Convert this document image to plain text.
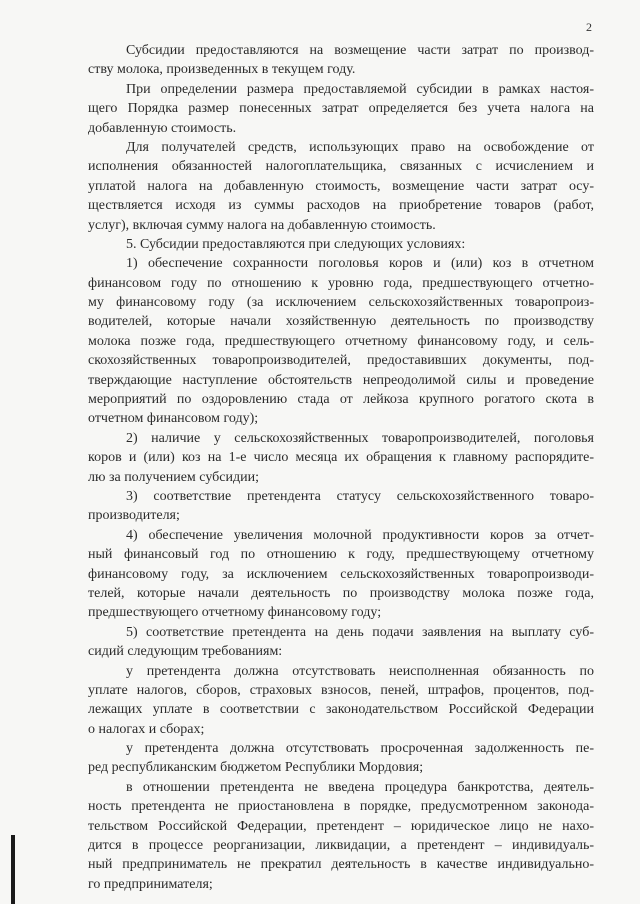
2
Субсидии предоставляются на возмещение части затрат по производ-
ству молока, произведенных в текущем году.
При определении размера предоставляемой субсидии в рамках настоя-
щего Порядка размер понесенных затрат определяется без учета налога на
добавленную стоимость.
Для получателей средств, использующих право на освобождение от
исполнения обязанностей налогоплательщика, связанных с исчислением и
уплатой налога на добавленную стоимость, возмещение части затрат осу-
ществляется исходя из суммы расходов на приобретение товаров (работ,
услуг), включая сумму налога на добавленную стоимость.
5. Субсидии предоставляются при следующих условиях:
1) обеспечение сохранности поголовья коров и (или) коз в отчетном
финансовом году по отношению к уровню года, предшествующего отчетно-
му финансовому году (за исключением сельскохозяйственных товаропроиз-
водителей, которые начали хозяйственную деятельность по производству
молока позже года, предшествующего отчетному финансовому году, и сель-
скохозяйственных товаропроизводителей, предоставивших документы, под-
тверждающие наступление обстоятельств непреодолимой силы и проведение
мероприятий по оздоровлению стада от лейкоза крупного рогатого скота в
отчетном финансовом году);
2) наличие у сельскохозяйственных товаропроизводителей, поголовья
коров и (или) коз на 1-е число месяца их обращения к главному распорядите-
лю за получением субсидии;
3) соответствие претендента статусу сельскохозяйственного товаро-
производителя;
4) обеспечение увеличения молочной продуктивности коров за отчет-
ный финансовый год по отношению к году, предшествующему отчетному
финансовому году, за исключением сельскохозяйственных товаропроизводи-
телей, которые начали деятельность по производству молока позже года,
предшествующего отчетному финансовому году;
5) соответствие претендента на день подачи заявления на выплату суб-
сидий следующим требованиям:
у претендента должна отсутствовать неисполненная обязанность по
уплате налогов, сборов, страховых взносов, пеней, штрафов, процентов, под-
лежащих уплате в соответствии с законодательством Российской Федерации
о налогах и сборах;
у претендента должна отсутствовать просроченная задолженность пе-
ред республиканским бюджетом Республики Мордовия;
в отношении претендента не введена процедура банкротства, деятель-
ность претендента не приостановлена в порядке, предусмотренном законода-
тельством Российской Федерации, претендент – юридическое лицо не нахо-
дится в процессе реорганизации, ликвидации, а претендент – индивидуаль-
ный предприниматель не прекратил деятельность в качестве индивидуально-
го предпринимателя;
